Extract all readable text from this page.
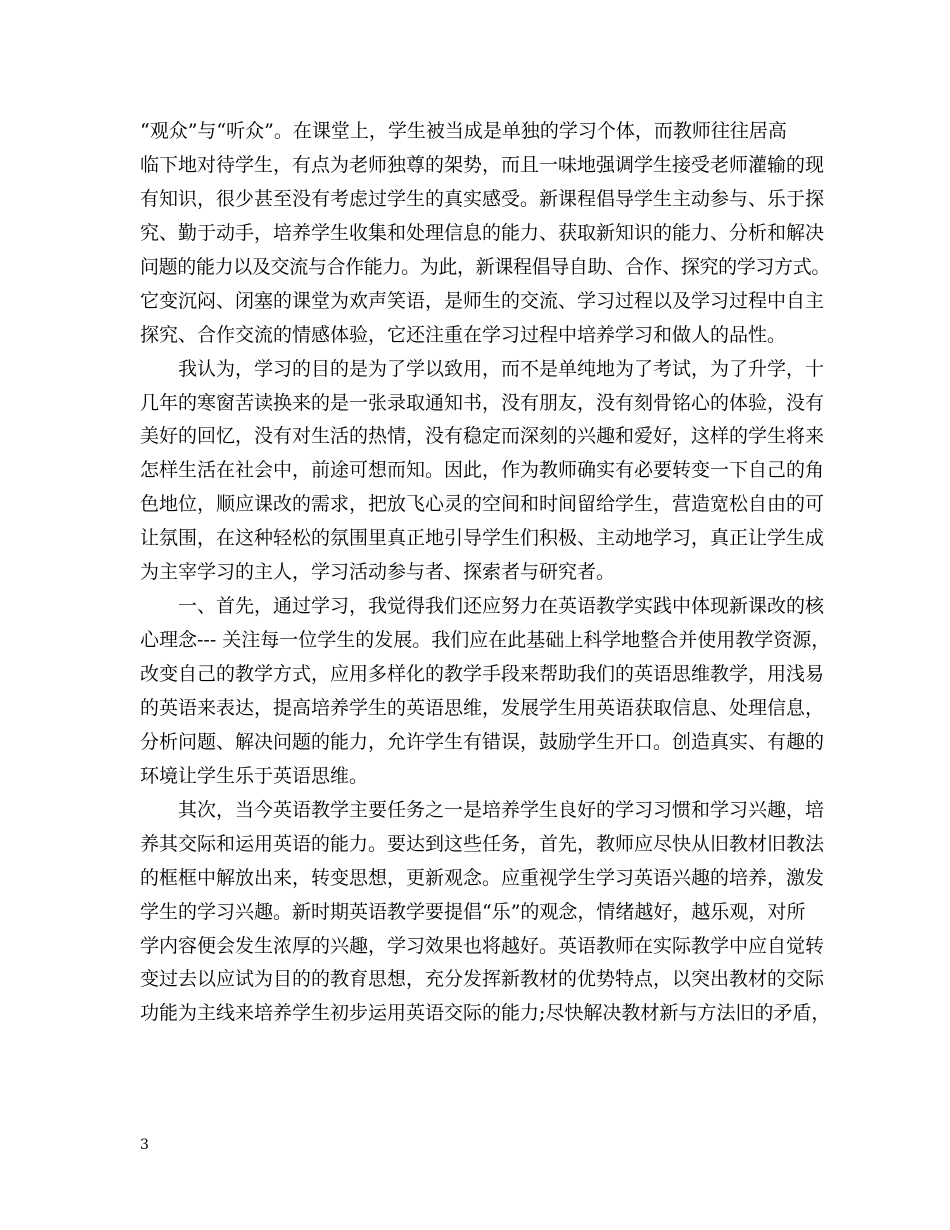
“观众”与“听众”。在课堂上，学生被当成是单独的学习个体，而教师往往居高
临下地对待学生，有点为老师独尊的架势，而且一味地强调学生接受老师灌输的现
有知识，很少甚至没有考虑过学生的真实感受。新课程倡导学生主动参与、乐于探
究、勤于动手，培养学生收集和处理信息的能力、获取新知识的能力、分析和解决
问题的能力以及交流与合作能力。为此，新课程倡导自助、合作、探究的学习方式。
它变沉闷、闭塞的课堂为欢声笑语，是师生的交流、学习过程以及学习过程中自主
探究、合作交流的情感体验，它还注重在学习过程中培养学习和做人的品性。
　　我认为，学习的目的是为了学以致用，而不是单纯地为了考试，为了升学，十
几年的寒窗苦读换来的是一张录取通知书，没有朋友，没有刻骨铭心的体验，没有
美好的回忆，没有对生活的热情，没有稳定而深刻的兴趣和爱好，这样的学生将来
怎样生活在社会中，前途可想而知。因此，作为教师确实有必要转变一下自己的角
色地位，顺应课改的需求，把放飞心灵的空间和时间留给学生，营造宽松自由的可
让氛围，在这种轻松的氛围里真正地引导学生们积极、主动地学习，真正让学生成
为主宰学习的主人，学习活动参与者、探索者与研究者。
　　一、首先，通过学习，我觉得我们还应努力在英语教学实践中体现新课改的核
心理念--- 关注每一位学生的发展。我们应在此基础上科学地整合并使用教学资源，
改变自己的教学方式，应用多样化的教学手段来帮助我们的英语思维教学，用浅易
的英语来表达，提高培养学生的英语思维，发展学生用英语获取信息、处理信息，
分析问题、解决问题的能力，允许学生有错误，鼓励学生开口。创造真实、有趣的
环境让学生乐于英语思维。
　　其次，当今英语教学主要任务之一是培养学生良好的学习习惯和学习兴趣，培
养其交际和运用英语的能力。要达到这些任务，首先，教师应尽快从旧教材旧教法
的框框中解放出来，转变思想，更新观念。应重视学生学习英语兴趣的培养，激发
学生的学习兴趣。新时期英语教学要提倡“乐”的观念，情绪越好，越乐观，对所
学内容便会发生浓厚的兴趣，学习效果也将越好。英语教师在实际教学中应自觉转
变过去以应试为目的的教育思想，充分发挥新教材的优势特点，以突出教材的交际
功能为主线来培养学生初步运用英语交际的能力;尽快解决教材新与方法旧的矛盾，
3
